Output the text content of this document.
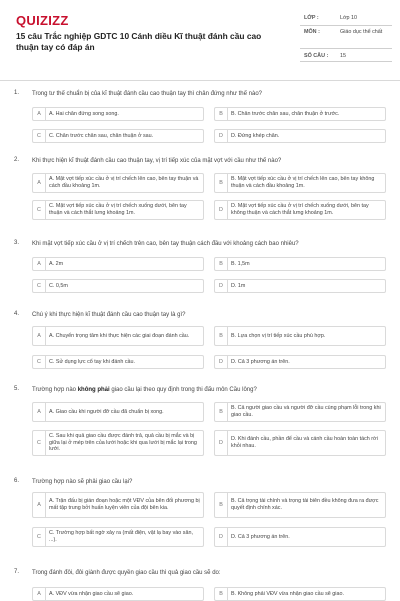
QUIZIZZ
15 câu Trắc nghiệp GDTC 10 Cánh diều Kĩ thuật đánh cầu cao thuận tay có đáp án
LỚP :	Lớp 10
MÔN :	Giáo dục thể chất
SỐ CÂU : 15
1. Trong tư thế chuẩn bị của kĩ thuật đánh cầu cao thuận tay thì chân đứng như thế nào?
A	A. Hai chân đứng song song.	B	B. Chân trước chân sau, chân thuận ở trước.
C	C. Chân trước chân sau, chân thuận ở sau.	D	D. Đứng khép chân.
2. Khi thực hiện kĩ thuật đánh cầu cao thuận tay, vị trí tiếp xúc của mặt vợt với cầu như thế nào?
A
A. Mặt vợt tiếp xúc cầu ở vị trí chếch lên cao, bên tay thuận và cách đầu khoảng 1m.	B
B. Mặt vợt tiếp xúc cầu ở vị trí chếch lên cao, bên tay không thuận và cách đầu khoảng 1m.
C
C. Mặt vợt tiếp xúc cầu ở vị trí chếch xuống dưới, bên tay thuận và cách thắt lưng khoảng 1m.	D
D. Mặt vợt tiếp xúc cầu ở vị trí chếch xuống dưới, bên tay không thuận và cách thắt lưng khoảng 1m.
3. Khi mặt vợt tiếp xúc cầu ở vị trí chếch trên cao, bên tay thuận cách đầu với khoảng cách bao nhiêu?
A	A. 2m	B	B. 1,5m
C	C. 0,5m	D	D. 1m
4. Chú ý khi thực hiện kĩ thuật đánh cầu cao thuận tay là gì?
A	A. Chuyển trọng tâm khi thực hiện các giai đoạn đánh cầu.	B	B. Lựa chọn vị trí tiếp xúc cầu phù hợp.
C	C. Sử dụng lực cổ tay khi đánh cầu.	D	D. Cả 3 phương án trên.
5. Trường hợp nào không phải giao cầu lại theo quy định trong thi đấu môn Cầu lông?
A	A. Giao cầu khi người đỡ cầu đã chuẩn bị xong.	B
B. Cả người giao cầu và người đỡ cầu cùng phạm lỗi trong khi giao cầu.
C
C. Sau khi quả giao cầu được đánh trả, quả cầu bị mắc và bị giữa lại ở mép trên của lưới hoặc khi qua lưới bị mắc lại trong lưới.
D
D. Khi đánh cầu, phần để cầu và cánh cầu hoàn toàn tách rời khỏi nhau.
6. Trường hợp nào sẽ phải giao cầu lại?
A
A. Trận đấu bị gián đoạn hoặc một VĐV của bên đối phương bị mất tập trung bởi huấn luyện viên của đội bên kia.	B
B. Cả trọng tài chính và trọng tài biên đều không đưa ra được quyết định chính xác.
C
C. Trường hợp bất ngờ xảy ra (mất điện, vật lạ bay vào sân, ...).	D	D. Cả 3 phương án trên.
7. Trong đánh đôi, đôi giành được quyền giao cầu thì quả giao cầu sẽ do:
A	A. VĐV vừa nhận giao cầu sẽ giao.	B	B. Không phải VĐV vừa nhận giao cầu sẽ giao.
